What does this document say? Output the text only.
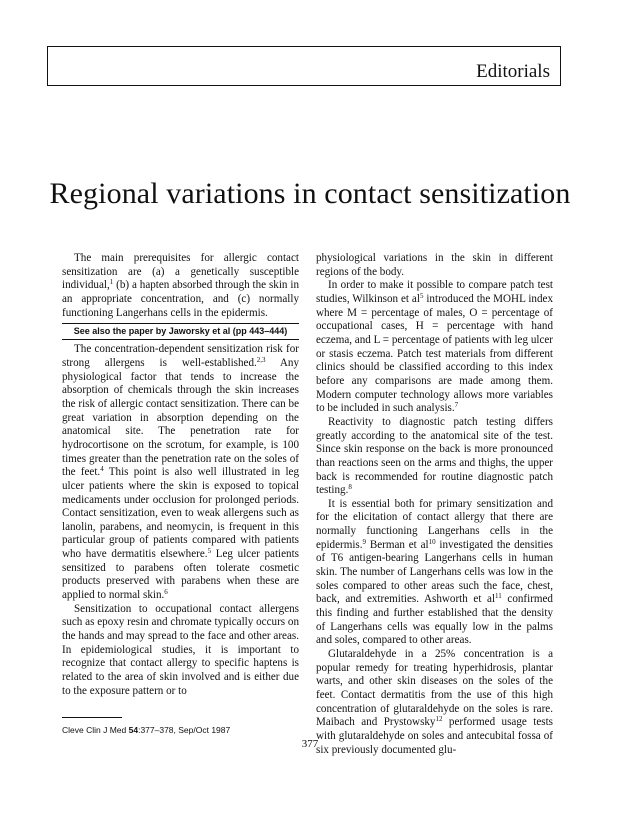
Editorials
Regional variations in contact sensitization

The main prerequisites for allergic contact sensitization are (a) a genetically susceptible individual,$^1$ (b) a hapten absorbed through the skin in an appropriate concentration, and (c) normally functioning Langerhans cells in the epidermis.

See also the paper by Jaworsky et al (pp 443–444)

The concentration-dependent sensitization risk for strong allergens is well-established.$^{2,3}$ Any physiological factor that tends to increase the absorption of chemicals through the skin increases the risk of allergic contact sensitization. There can be great variation in absorption depending on the anatomical site. The penetration rate for hydrocortisone on the scrotum, for example, is 100 times greater than the penetration rate on the soles of the feet.$^4$ This point is also well illustrated in leg ulcer patients where the skin is exposed to topical medicaments under occlusion for prolonged periods. Contact sensitization, even to weak allergens such as lanolin, parabens, and neomycin, is frequent in this particular group of patients compared with patients who have dermatitis elsewhere.$^5$ Leg ulcer patients sensitized to parabens often tolerate cosmetic products preserved with parabens when these are applied to normal skin.$^6$

Sensitization to occupational contact allergens such as epoxy resin and chromate typically occurs on the hands and may spread to the face and other areas. In epidemiological studies, it is important to recognize that contact allergy to specific haptens is related to the area of skin involved and is either due to the exposure pattern or to

physiological variations in the skin in different regions of the body.

In order to make it possible to compare patch test studies, Wilkinson et $al^5$ introduced the MOHL index where M = percentage of males, O = percentage of occupational cases, H = percentage with hand eczema, and L = percentage of patients with leg ulcer or stasis eczema. Patch test materials from different clinics should be classified according to this index before any comparisons are made among them. Modern computer technology allows more variables to be included in such analysis.$^7$

Reactivity to diagnostic patch testing differs greatly according to the anatomical site of the test. Since skin response on the back is more pronounced than reactions seen on the arms and thighs, the upper back is recommended for routine diagnostic patch testing.$^8$

It is essential both for primary sensitization and for the elicitation of contact allergy that there are normally functioning Langerhans cells in the epidermis.$^9$ Berman et $al^{10}$ investigated the densities of T6 antigen-bearing Langerhans cells in human skin. The number of Langerhans cells was low in the soles compared to other areas such the face, chest, back, and extremities. Ashworth et $al^{11}$ confirmed this finding and further established that the density of Langerhans cells was equally low in the palms and soles, compared to other areas.

Glutaraldehyde in a 25% concentration is a popular remedy for treating hyperhidrosis, plantar warts, and other skin diseases on the soles of the feet. Contact dermatitis from the use of this high concentration of glutaraldehyde on the soles is rare. Maibach and Prystowsky$^{12}$ performed usage tests with glutaraldehyde on soles and antecubital fossa of six previously documented glu-

Cleve Clin J Med 54:377–378, Sep/Oct 1987
377
